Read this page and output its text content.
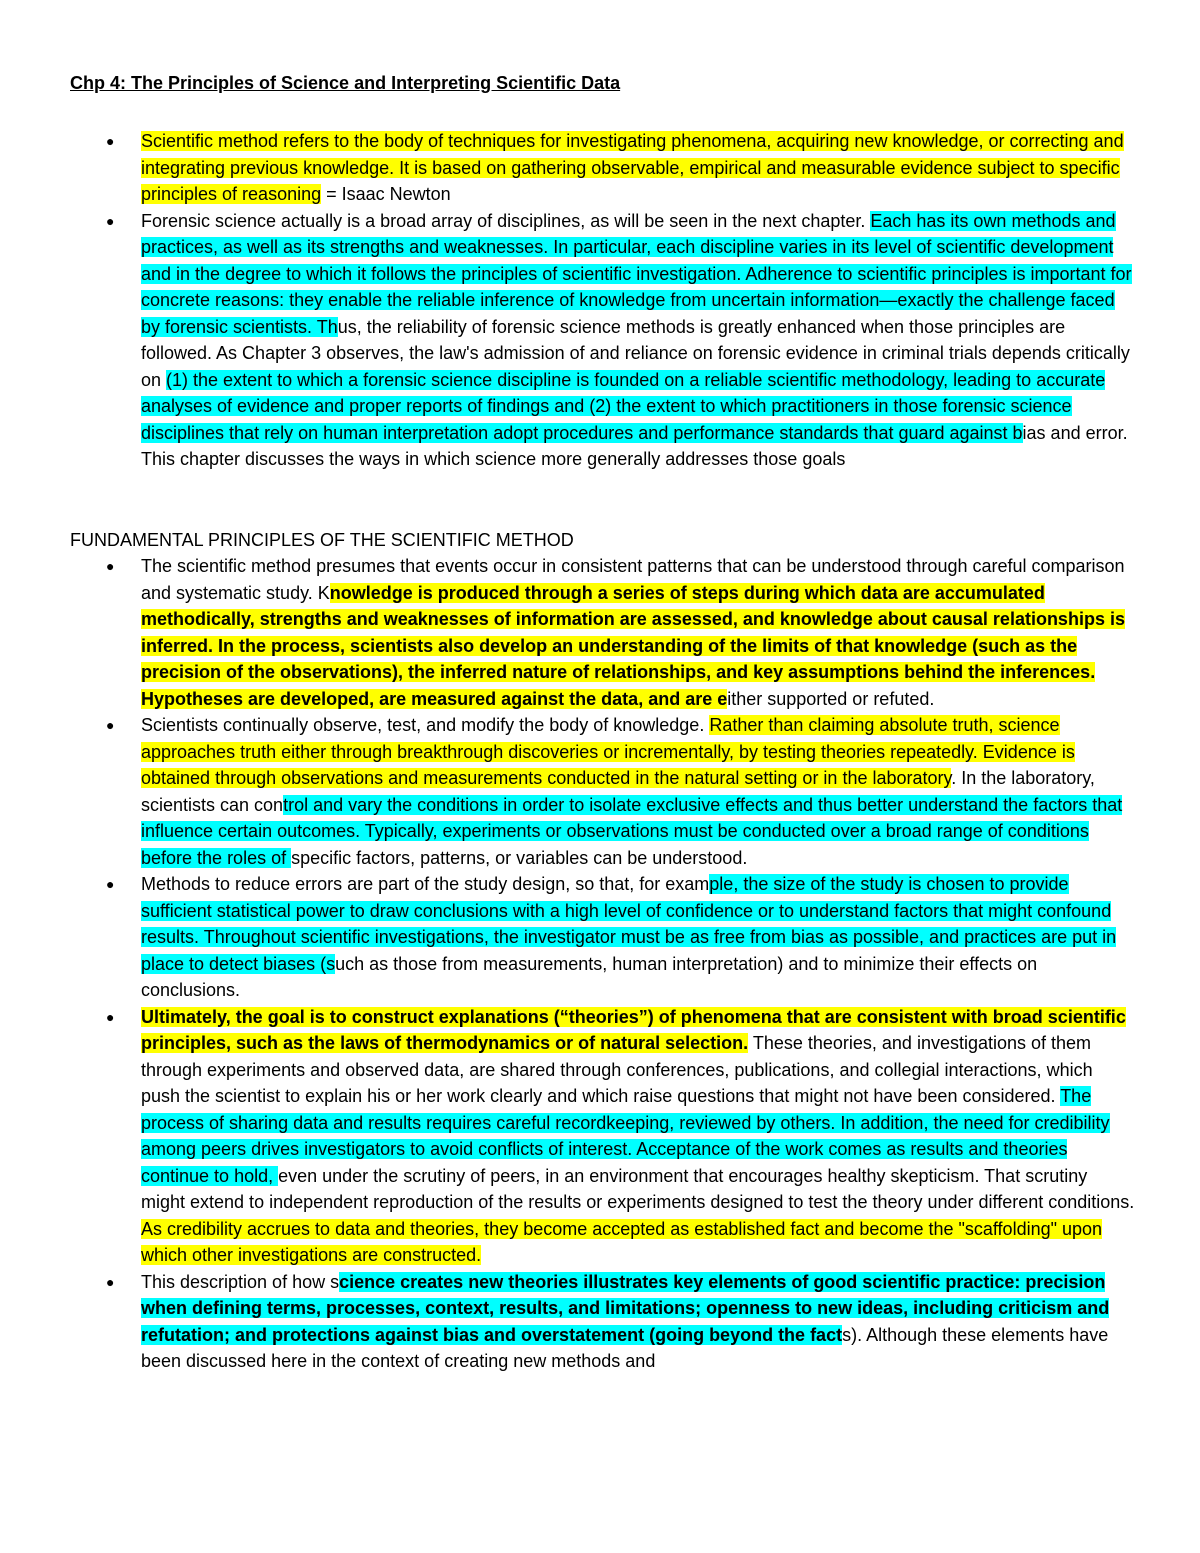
Chp 4: The Principles of Science and Interpreting Scientific Data
● Scientific method refers to the body of techniques for investigating phenomena, acquiring new knowledge, or correcting and integrating previous knowledge. It is based on gathering observable, empirical and measurable evidence subject to specific principles of reasoning = Isaac Newton
● Forensic science actually is a broad array of disciplines, as will be seen in the next chapter. Each has its own methods and practices, as well as its strengths and weaknesses. In particular, each discipline varies in its level of scientific development and in the degree to which it follows the principles of scientific investigation. Adherence to scientific principles is important for concrete reasons: they enable the reliable inference of knowledge from uncertain information—exactly the challenge faced by forensic scientists. Thus, the reliability of forensic science methods is greatly enhanced when those principles are followed. As Chapter 3 observes, the law's admission of and reliance on forensic evidence in criminal trials depends critically on (1) the extent to which a forensic science discipline is founded on a reliable scientific methodology, leading to accurate analyses of evidence and proper reports of findings and (2) the extent to which practitioners in those forensic science disciplines that rely on human interpretation adopt procedures and performance standards that guard against bias and error. This chapter discusses the ways in which science more generally addresses those goals
FUNDAMENTAL PRINCIPLES OF THE SCIENTIFIC METHOD
● The scientific method presumes that events occur in consistent patterns that can be understood through careful comparison and systematic study. Knowledge is produced through a series of steps during which data are accumulated methodically, strengths and weaknesses of information are assessed, and knowledge about causal relationships is inferred. In the process, scientists also develop an understanding of the limits of that knowledge (such as the precision of the observations), the inferred nature of relationships, and key assumptions behind the inferences. Hypotheses are developed, are measured against the data, and are either supported or refuted.
● Scientists continually observe, test, and modify the body of knowledge. Rather than claiming absolute truth, science approaches truth either through breakthrough discoveries or incrementally, by testing theories repeatedly. Evidence is obtained through observations and measurements conducted in the natural setting or in the laboratory. In the laboratory, scientists can control and vary the conditions in order to isolate exclusive effects and thus better understand the factors that influence certain outcomes. Typically, experiments or observations must be conducted over a broad range of conditions before the roles of specific factors, patterns, or variables can be understood.
● Methods to reduce errors are part of the study design, so that, for example, the size of the study is chosen to provide sufficient statistical power to draw conclusions with a high level of confidence or to understand factors that might confound results. Throughout scientific investigations, the investigator must be as free from bias as possible, and practices are put in place to detect biases (such as those from measurements, human interpretation) and to minimize their effects on conclusions.
● Ultimately, the goal is to construct explanations (“theories”) of phenomena that are consistent with broad scientific principles, such as the laws of thermodynamics or of natural selection. These theories, and investigations of them through experiments and observed data, are shared through conferences, publications, and collegial interactions, which push the scientist to explain his or her work clearly and which raise questions that might not have been considered. The process of sharing data and results requires careful recordkeeping, reviewed by others. In addition, the need for credibility among peers drives investigators to avoid conflicts of interest. Acceptance of the work comes as results and theories continue to hold, even under the scrutiny of peers, in an environment that encourages healthy skepticism. That scrutiny might extend to independent reproduction of the results or experiments designed to test the theory under different conditions. As credibility accrues to data and theories, they become accepted as established fact and become the "scaffolding" upon which other investigations are constructed.
● This description of how science creates new theories illustrates key elements of good scientific practice: precision when defining terms, processes, context, results, and limitations; openness to new ideas, including criticism and refutation; and protections against bias and overstatement (going beyond the facts). Although these elements have been discussed here in the context of creating new methods and
